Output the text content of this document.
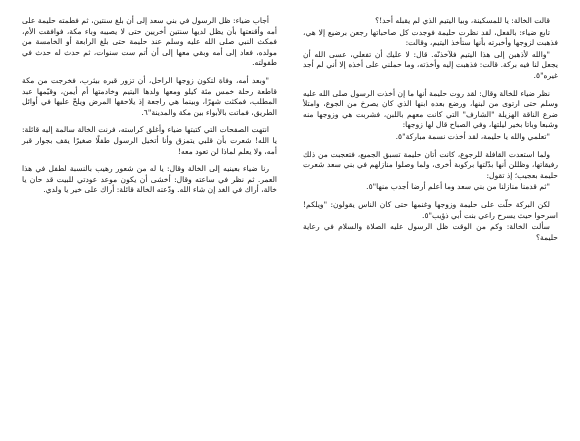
قالت الخالة: يا للمسكينة، وبيا اليتيم الذي لم يقبله أحد!؟

تابع ضياء: بالفعل، لقد نظرت حليمة فوجدت كل صاحباتها رجعن برضيع إلا هي، فذهبت لزوجها وأخبرته بأنها ستأخذ اليتيم، وقالت:

"والله لأذهبن إلى هذا اليتيم فلآخذنّه. قال: لا عليك أن تفعلي، عسى الله أن يجعل لنا فيه بركة. قالت: فذهبت إليه وأخذته، وما حملني على أخذه إلا أني لم أجد غيره"٥.

نظر ضياء للخالة وقال: لقد روت حليمة أنها ما إن أخذت الرسول صلى الله عليه وسلم حتى ارتوى من لبنها، ورضع بعده ابنها الذي كان يصرخ من الجوع، وامتلأ ضرع الناقة الهزيلة "الشارف" التي كانت معهم باللبن، فشربت هي وزوجها منه وشبعا وباتا بخير ليلتها، وفي الصباح قال لها زوجها:

"تعلمي والله يا حليمة، لقد أخذت نسمة مباركة"٥.

ولما استعدت القافلة للرجوع، كانت أتان حليمة تسبق الجميع، فتعجبت من ذلك رفيقاتها، وظللن أنها بدّلتها بركوبة أخرى، ولما وصلوا منازلهم في بني سعد شعرت حليمة بعجيب؛ إذ تقول:

"ثم قدمنا منازلنا من بني سعد وما أعلم أرضا أجدب منها"٥.

لكن البركة حلّت على حليمة وزوجها وغنمها حتى كان الناس يقولون: "ويلكم! اسرحوا حيث يسرح راعي بنت أبي ذؤيب"٥.

سألت الخالة: وكم من الوقت ظل الرسول عليه الصلاة والسلام في رعاية حليمة؟

أجاب ضياء: ظل الرسول في بني سعد إلى أن بلغ سنتين، ثم فطمته حليمة على أمه وأقنعتها بأن يظل لديها سنتين أخريين حتى لا يصيبه وباء مكة، فوافقت الأم، فمكث النبي صلى الله عليه وسلم عند حليمة حتى بلغ الرابعة أو الخامسة من مولده، فعاد إلى أمه وبقي معها إلى أن أتم ست سنوات، ثم حدث له حدث في طفولته.

"وبعد أمه، وفاة لتكون زوجها الراحل، أن تزور قبره بيثرب، فخرجت من مكة قاطعة رحلة خمس مئة كيلو ومعها ولدها اليتيم وخادمتها أم أيمن، وقيّمها عبد المطلب، فمكثت شهرًا، وبينما هي راجعة إذ يلاحقها المرض ويلحّ عليها في أوائل الطريق، فماتت بالأبواء بين مكة والمدينة"٦.

انتهت الصفحات التي كتبتها ضياء وأغلق كراسته، فرنت الخالة سالمة إليه قائلة: يا الله! شعرت بأن قلبي يتمزق وأنا أتخيل الرسول طفلًا صغيرًا يقف بجوار قبر أمه، ولا يعلم لماذا لن تعود معه!

رنا ضياء بعينيه إلى الخالة وقال: يا له من شعور رهيب بالنسبة لطفل في هذا العمر. ثم نظر في ساعته وقال: أخشى أن يكون موعد عودتي للبيت قد حان يا خالة، أراك في الغد إن شاء الله. ودّعته الخالة قائلة: أراك على خير يا ولدي.
